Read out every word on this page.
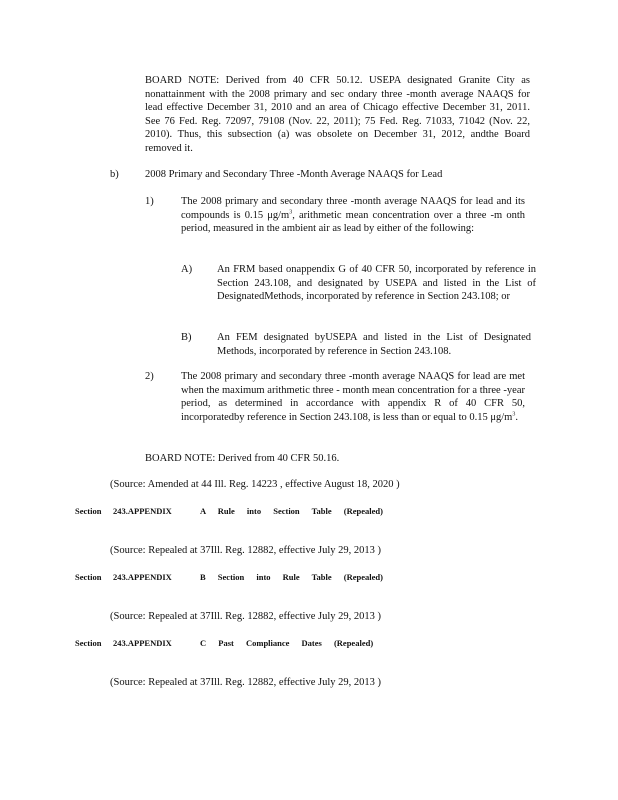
BOARD NOTE: Derived from 40 CFR 50.12. USEPA designated Granite City as nonattainment with the 2008 primary and sec ondary three -month average NAAQS for lead effective December 31, 2010 and an area of Chicago effective December 31, 2011. See 76 Fed. Reg. 72097, 79108 (Nov. 22, 2011); 75 Fed. Reg. 71033, 71042 (Nov. 22, 2010). Thus, this subsection (a) was obsolete on December 31, 2012, andthe Board removed it.

b)	2008 Primary and Secondary Three -Month Average NAAQS for Lead
1)	The 2008 primary and secondary three -month average NAAQS for lead and its compounds is 0.15 $\mu g/m^3$, arithmetic mean concentration over a three -m onth period, measured in the ambient air as lead by either of the following:

A) An FRM based onappendix G of 40 CFR 50, incorporated by reference in Section 243.108, and designated by USEPA and listed in the List of DesignatedMethods, incorporated by reference in Section 243.108; or

B) An FEM designated byUSEPA and listed in the List of Designated Methods, incorporated by reference in Section 243.108.

2)	The 2008 primary and secondary three -month average NAAQS for lead are met when the maximum arithmetic three - month mean concentration for a three -year period, as determined in accordance with appendix R of 40 CFR 50, incorporatedby reference in Section 243.108, is less than or equal to 0.15 $\mu g/m^3$.

BOARD NOTE: Derived from 40 CFR 50.16.

(Source: Amended at 44 Ill. Reg. 14223 , effective August 18, 2020 )

Section 243.APPENDIX	A Rule into Section Table (Repealed)

(Source: Repealed at 37Ill. Reg. 12882, effective July 29, 2013 )

Section 243.APPENDIX	B Section into Rule Table (Repealed)

(Source: Repealed at 37Ill. Reg. 12882, effective July 29, 2013 )

Section 243.APPENDIX	C Past Compliance Dates (Repealed)

(Source: Repealed at 37Ill. Reg. 12882, effective July 29, 2013 )
